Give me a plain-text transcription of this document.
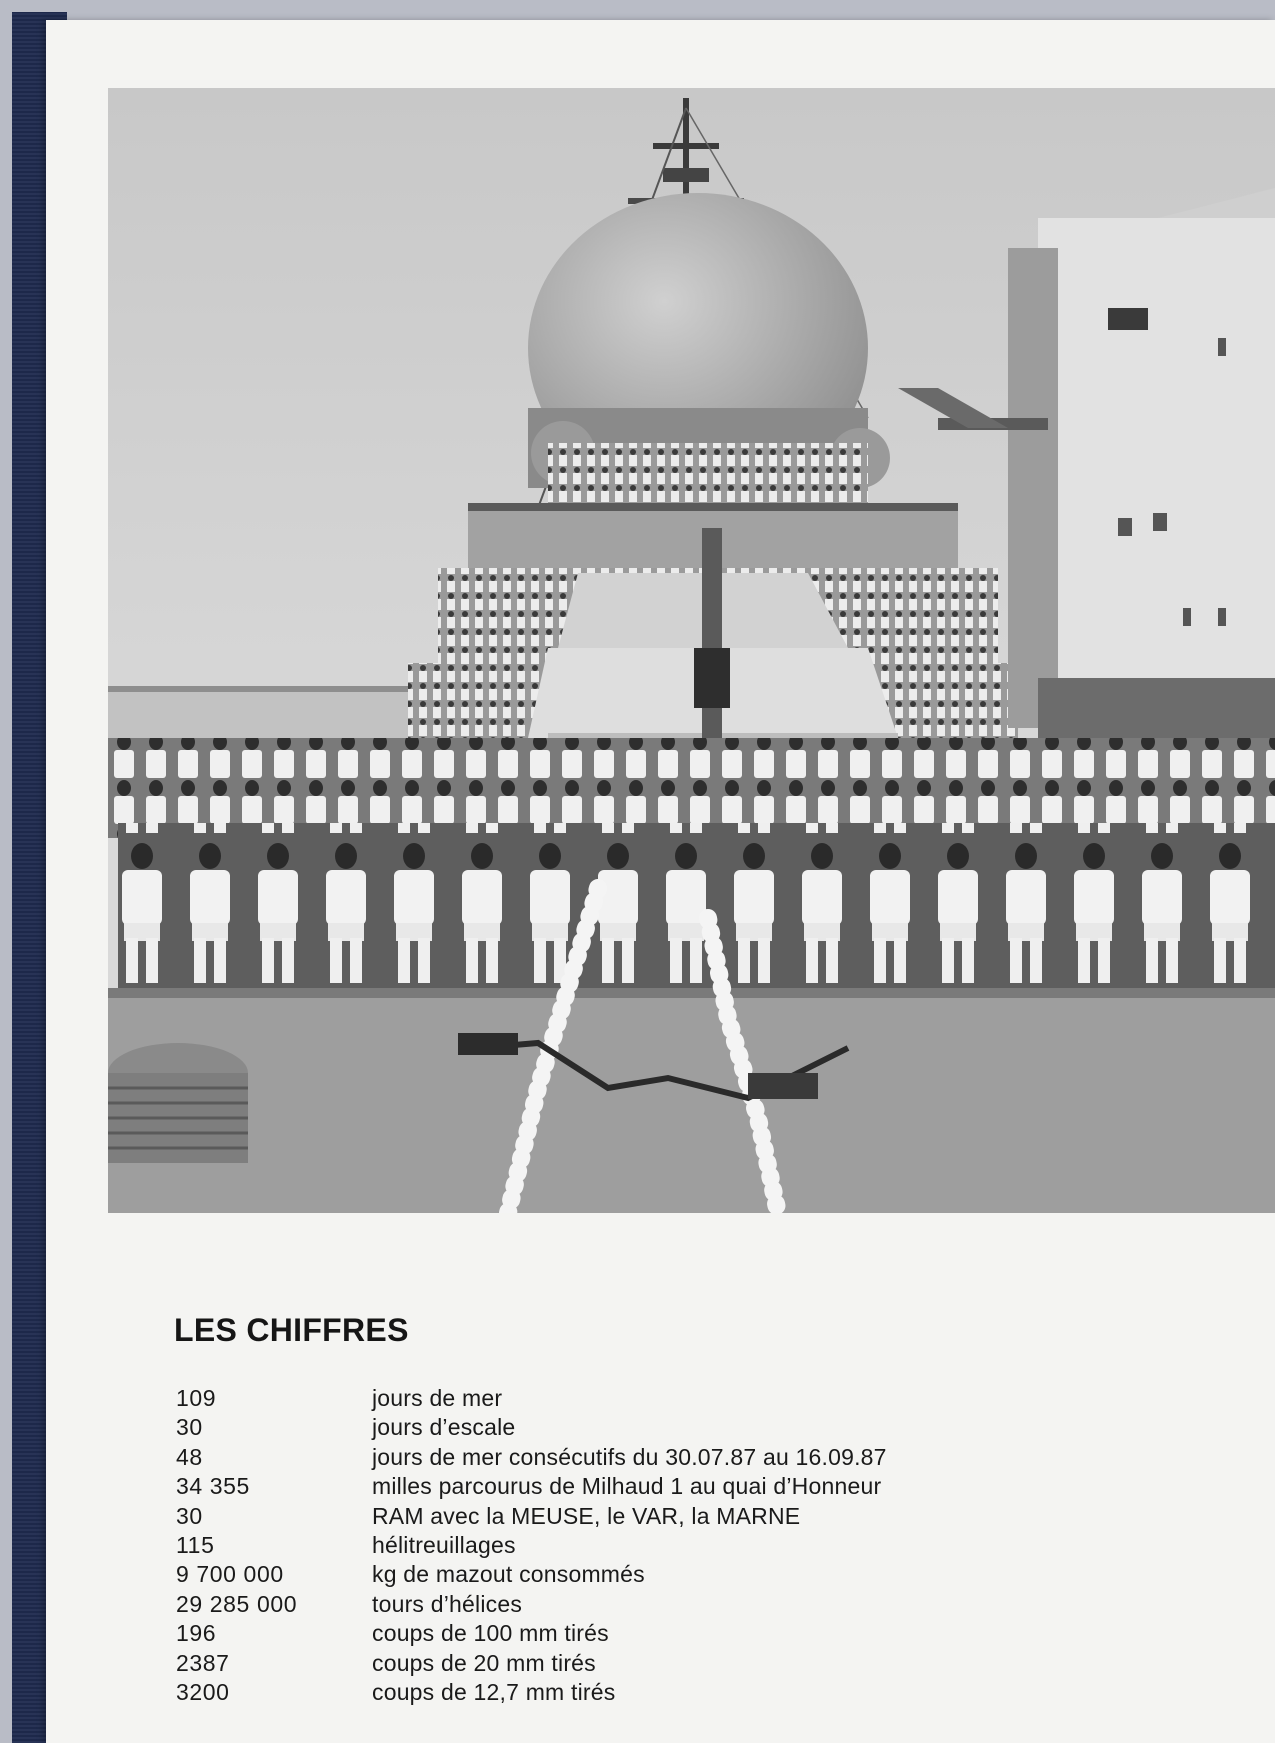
LES CHIFFRES
109	jours de mer
30	jours d’escale
48	jours de mer consécutifs du 30.07.87 au 16.09.87
34 355	milles parcourus de Milhaud 1 au quai d’Honneur
30	RAM avec la MEUSE, le VAR, la MARNE
115	hélitreuillages
9 700 000	kg de mazout consommés
29 285 000	tours d’hélices
196	coups de 100 mm tirés
2387	coups de 20 mm tirés
3200	coups de 12,7 mm tirés
